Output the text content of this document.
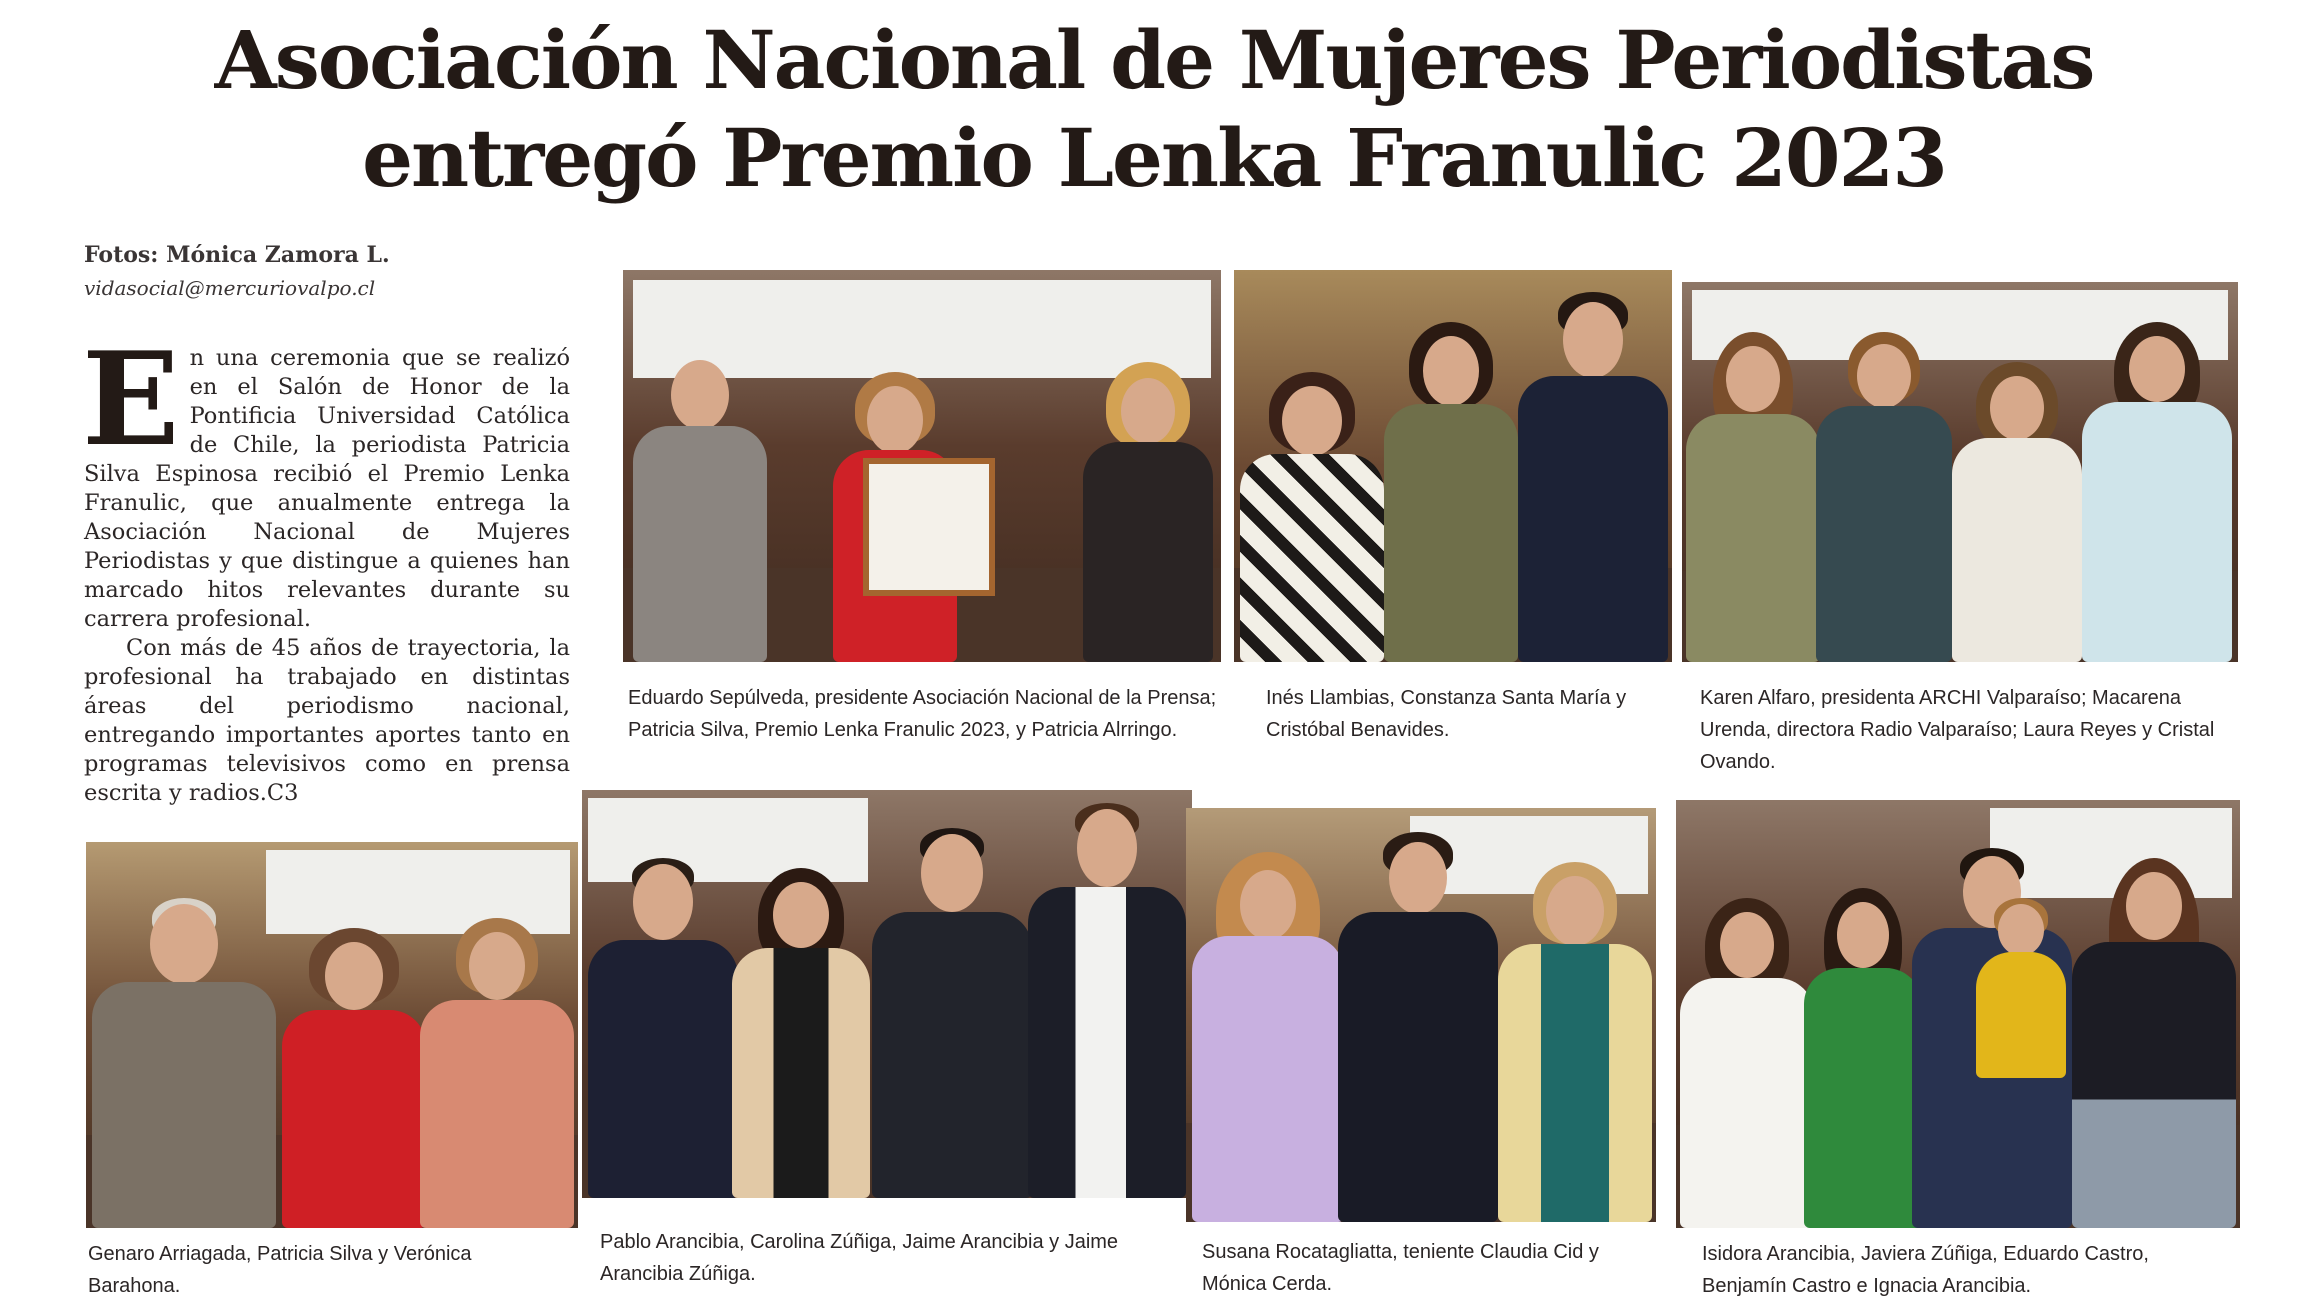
Asociación Nacional de Mujeres Periodistas
entregó Premio Lenka Franulic 2023
Fotos: Mónica Zamora L.
vidasocial@mercuriovalpo.cl
E n una ceremonia que se realizó en el Salón de Honor de la Pontificia Universidad Católica de Chile, la periodista Patricia Silva Espinosa recibió el Premio Lenka Franulic, que anualmente entrega la Asociación Nacional de Mujeres Periodistas y que distingue a quienes han marcado hitos relevantes durante su carrera profesional.

Con más de 45 años de trayectoria, la profesional ha trabajado en distintas áreas del periodismo nacional, entregando importantes aportes tanto en programas televisivos como en prensa escrita y radios.C3

Eduardo Sepúlveda, presidente Asociación Nacional de la Prensa; Patricia Silva, Premio Lenka Franulic 2023, y Patricia Alrringo.

Inés Llambias, Constanza Santa María y Cristóbal Benavides.

Karen Alfaro, presidenta ARCHI Valparaíso; Macarena Urenda, directora Radio Valparaíso; Laura Reyes y Cristal Ovando.

Genaro Arriagada, Patricia Silva y Verónica Barahona.

Pablo Arancibia, Carolina Zúñiga, Jaime Arancibia y Jaime Arancibia Zúñiga.

Susana Rocatagliatta, teniente Claudia Cid y Mónica Cerda.

Isidora Arancibia, Javiera Zúñiga, Eduardo Castro, Benjamín Castro e Ignacia Arancibia.
